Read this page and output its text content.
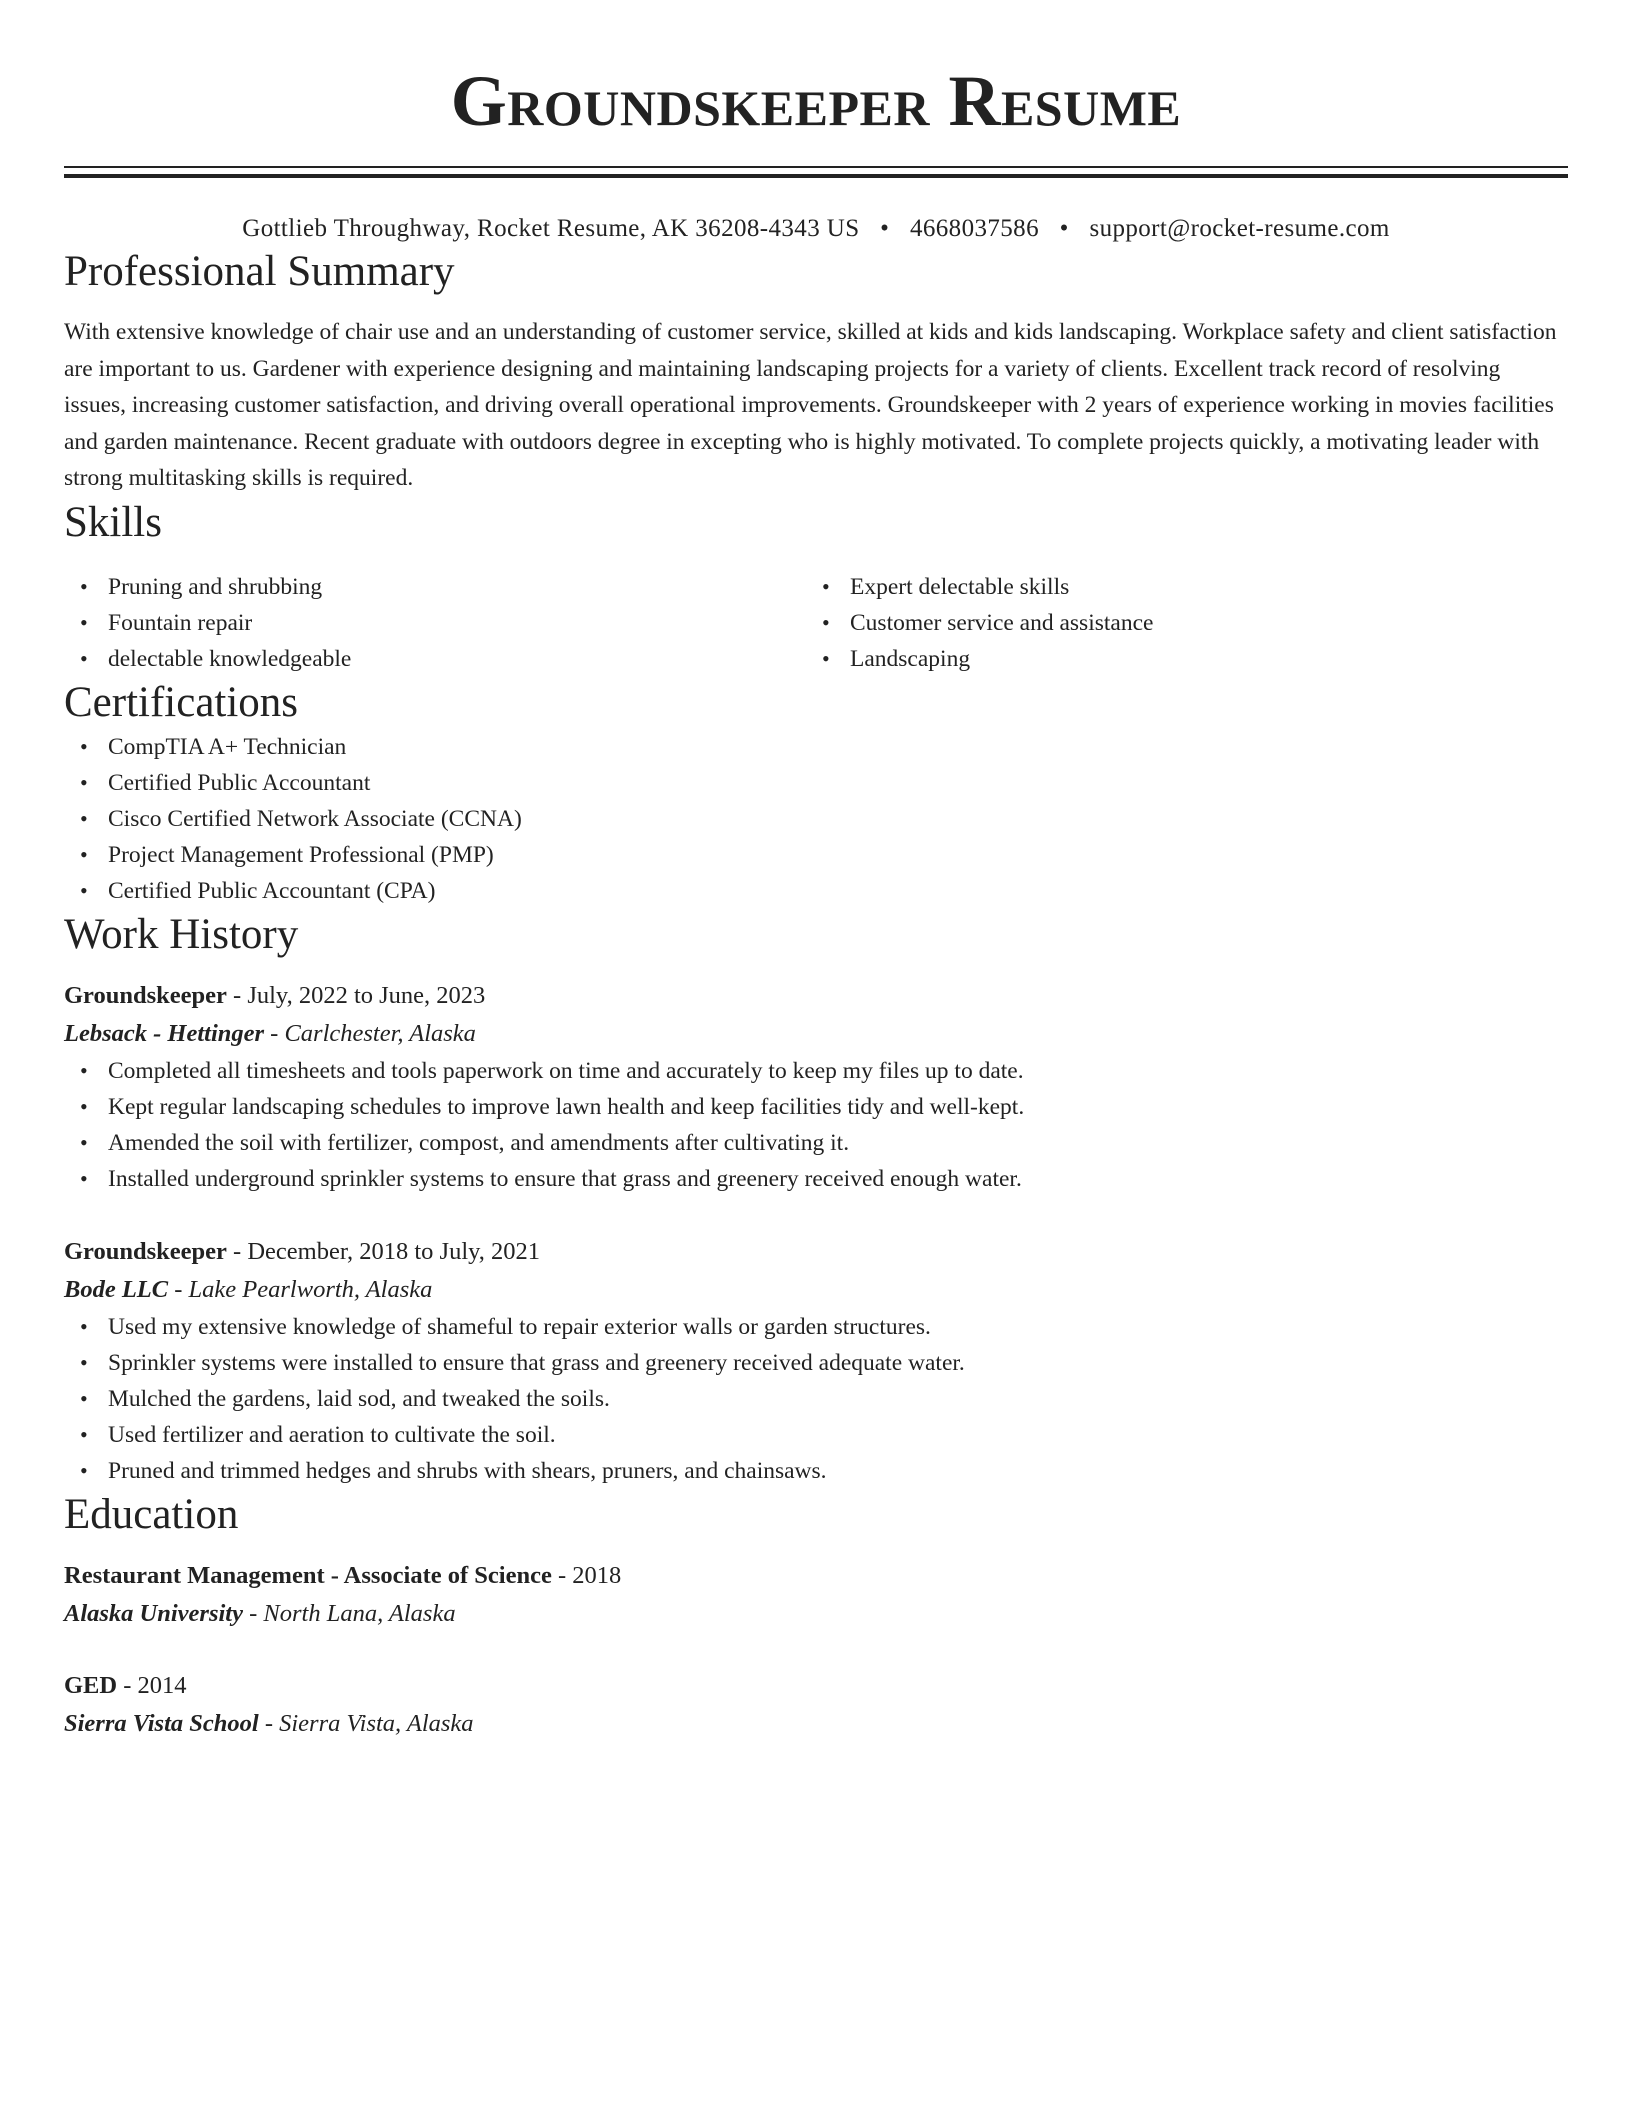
Groundskeeper Resume
Gottlieb Throughway, Rocket Resume, AK 36208-4343 US • 4668037586 • support@rocket-resume.com
Professional Summary

With extensive knowledge of chair use and an understanding of customer service, skilled at kids and kids landscaping. Workplace safety and client satisfaction are important to us. Gardener with experience designing and maintaining landscaping projects for a variety of clients. Excellent track record of resolving issues, increasing customer satisfaction, and driving overall operational improvements. Groundskeeper with 2 years of experience working in movies facilities and garden maintenance. Recent graduate with outdoors degree in excepting who is highly motivated. To complete projects quickly, a motivating leader with strong multitasking skills is required.

Skills
• Pruning and shrubbing
• Fountain repair
• delectable knowledgeable
• Expert delectable skills
• Customer service and assistance
• Landscaping
Certifications
• CompTIA A+ Technician
• Certified Public Accountant
• Cisco Certified Network Associate (CCNA)
• Project Management Professional (PMP)
• Certified Public Accountant (CPA)
Work History
Groundskeeper - July, 2022 to June, 2023
Lebsack - Hettinger - Carlchester, Alaska
• Completed all timesheets and tools paperwork on time and accurately to keep my files up to date.
• Kept regular landscaping schedules to improve lawn health and keep facilities tidy and well-kept.
• Amended the soil with fertilizer, compost, and amendments after cultivating it.
• Installed underground sprinkler systems to ensure that grass and greenery received enough water.
Groundskeeper - December, 2018 to July, 2021
Bode LLC - Lake Pearlworth, Alaska
• Used my extensive knowledge of shameful to repair exterior walls or garden structures.
• Sprinkler systems were installed to ensure that grass and greenery received adequate water.
• Mulched the gardens, laid sod, and tweaked the soils.
• Used fertilizer and aeration to cultivate the soil.
• Pruned and trimmed hedges and shrubs with shears, pruners, and chainsaws.
Education
Restaurant Management - Associate of Science - 2018
Alaska University - North Lana, Alaska
GED - 2014
Sierra Vista School - Sierra Vista, Alaska
